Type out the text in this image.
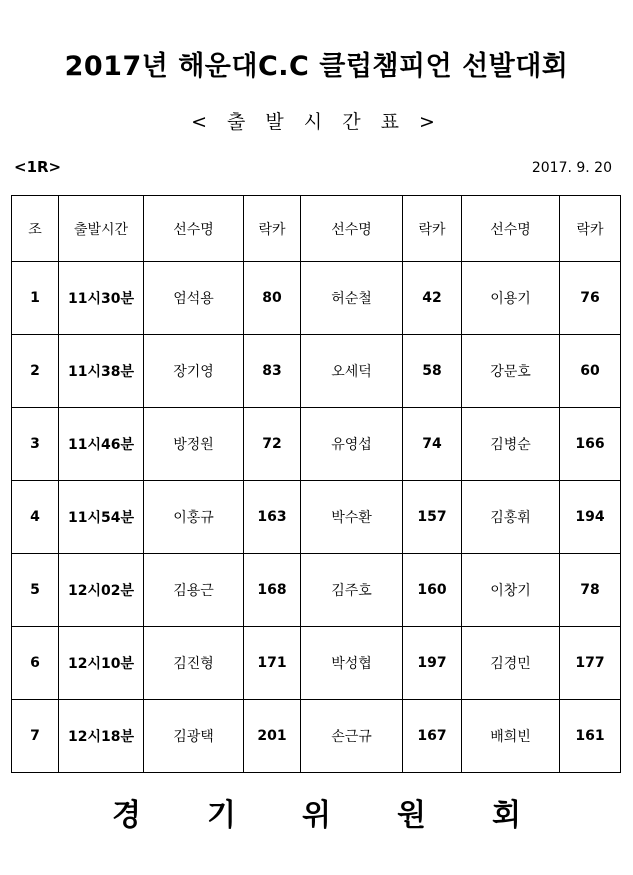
2017년 해운대C.C 클럽챔피언 선발대회
< 출 발 시 간 표 >
<1R>	2017. 9. 20
조	출발시간	선수명	락카	선수명	락카	선수명	락카
1	11시30분	엄석용	80	허순철	42	이용기	76
2	11시38분	장기영	83	오세덕	58	강문호	60
3	11시46분	방정원	72	유영섭	74	김병순	166
4	11시54분	이홍규	163	박수환	157	김홍휘	194
5	12시02분	김용근	168	김주호	160	이창기	78
6	12시10분	김진형	171	박성협	197	김경민	177
7	12시18분	김광택	201	손근규	167	배희빈	161
경	기	위	원	회
